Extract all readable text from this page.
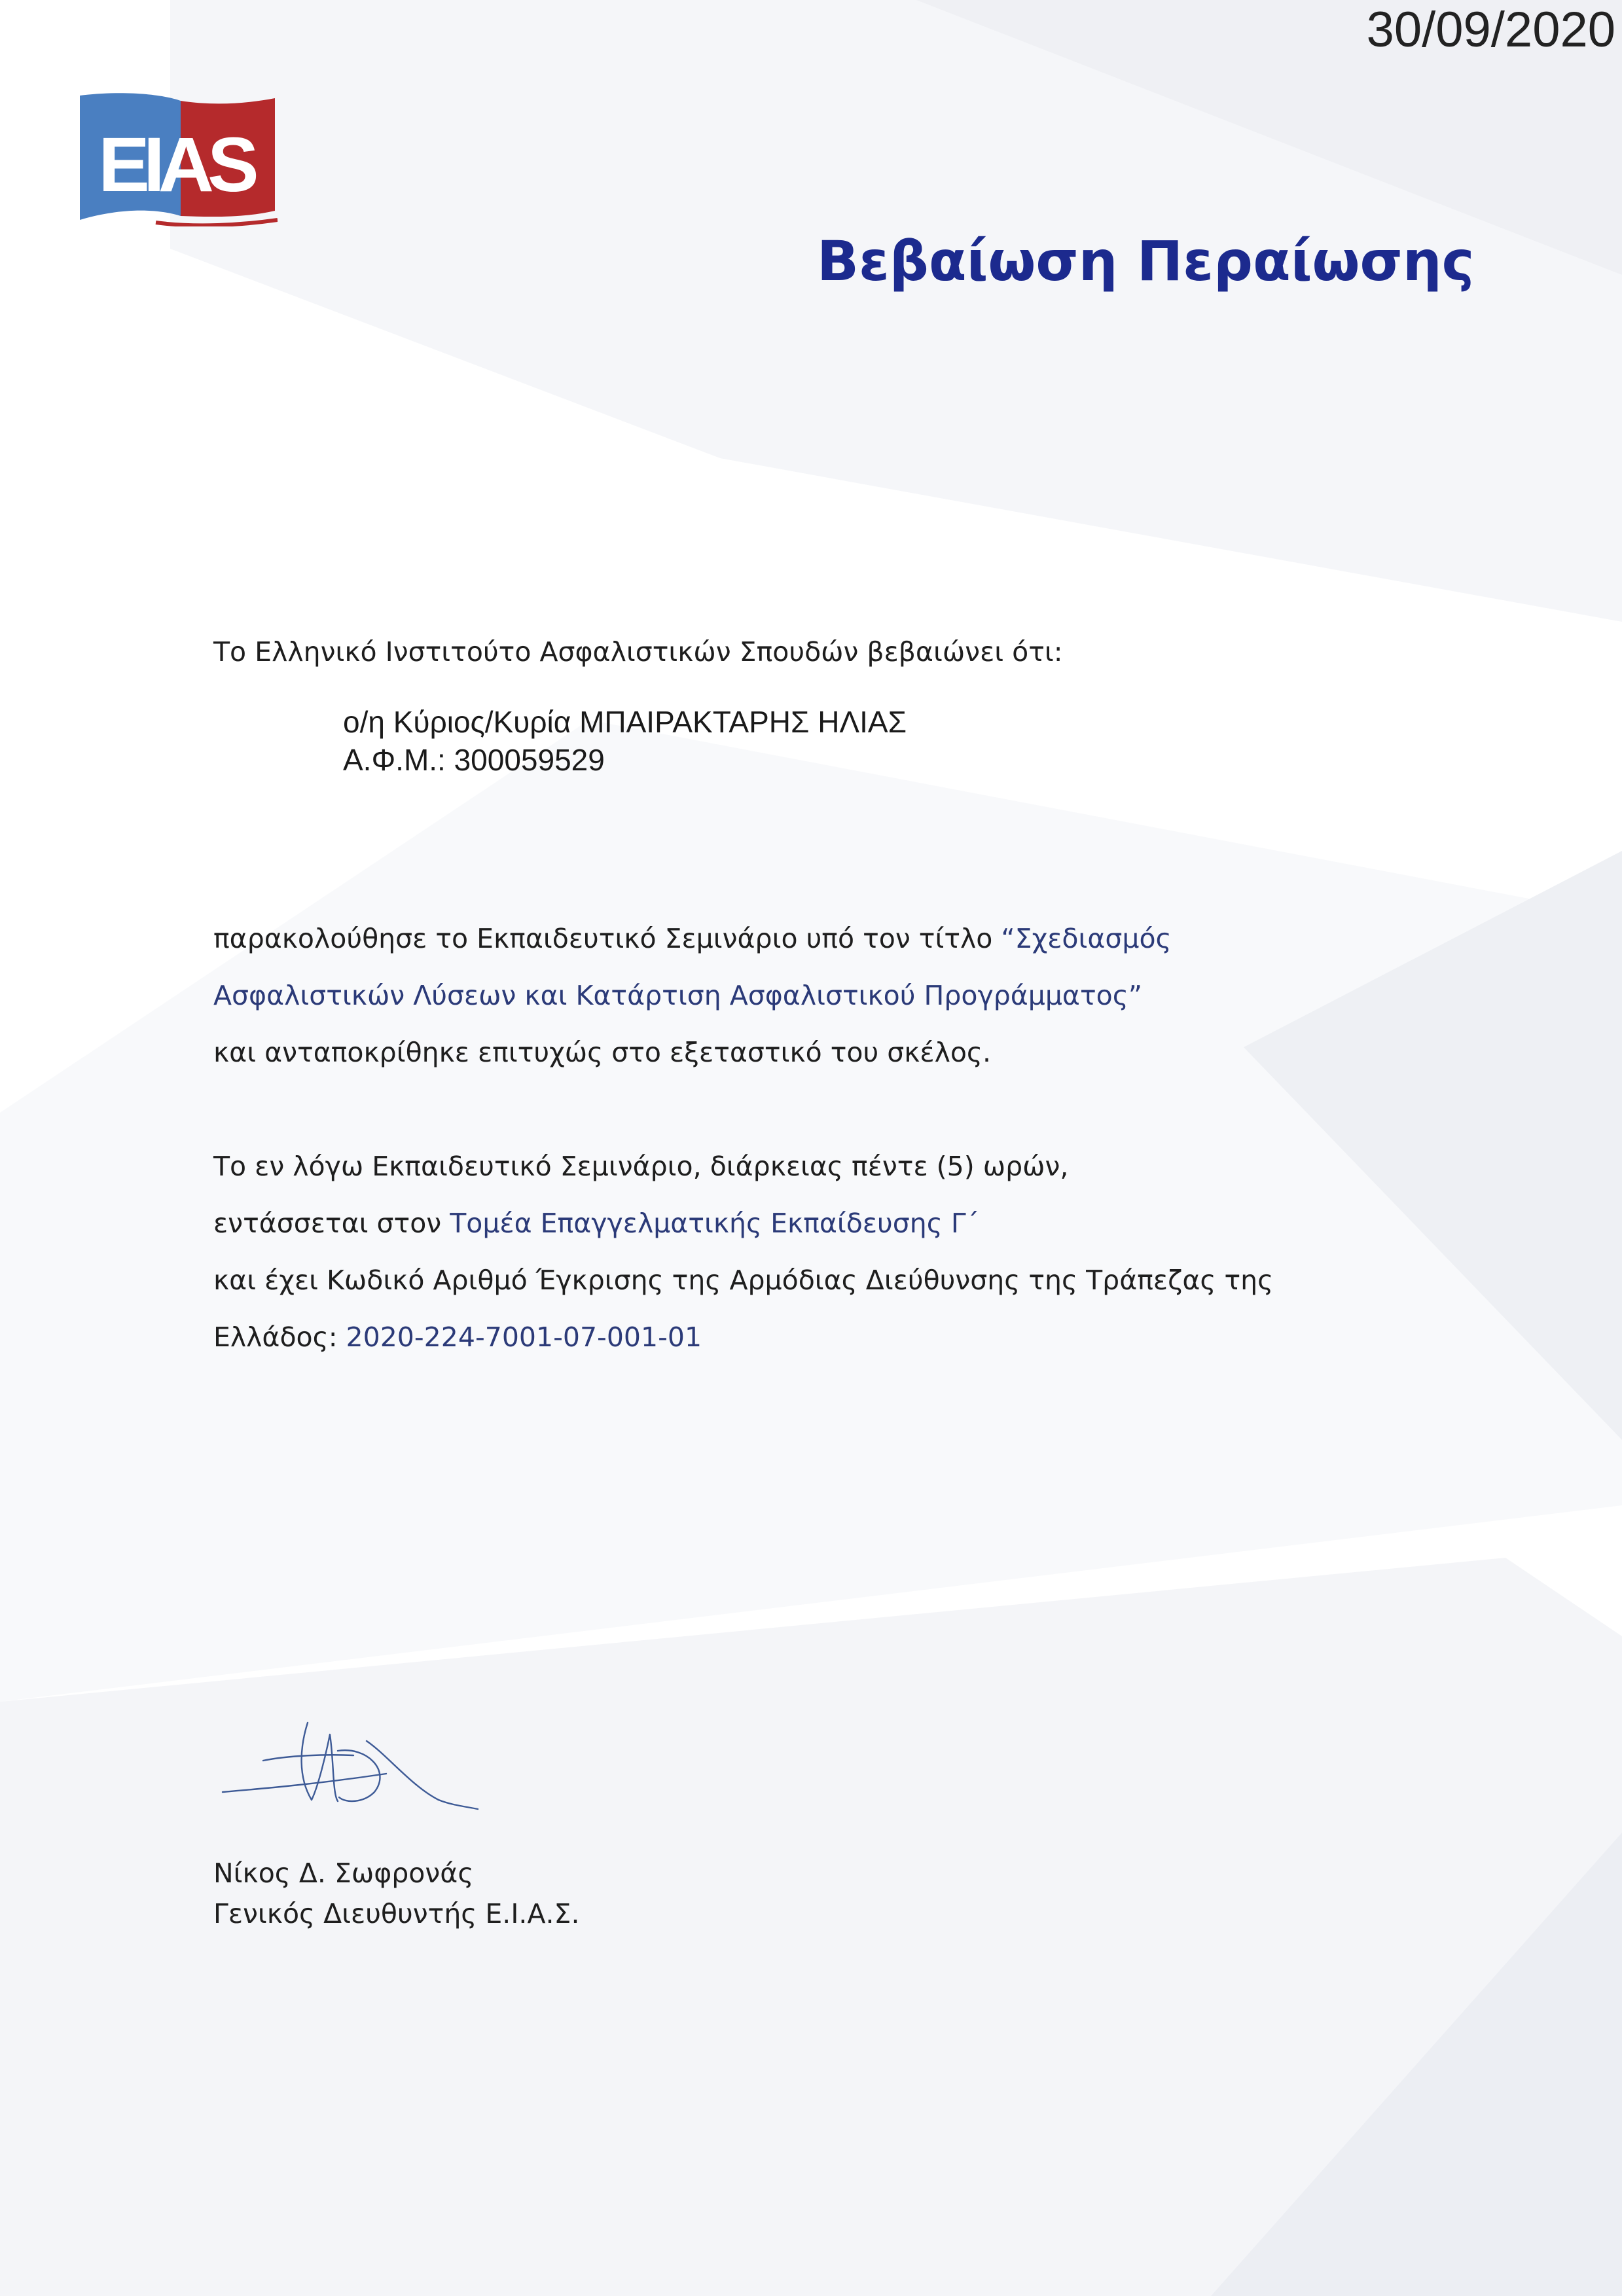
30/09/2020
EIAS
Βεβαίωση Περαίωσης
Το Ελληνικό Ινστιτούτο Ασφαλιστικών Σπουδών βεβαιώνει ότι:
ο/η Κύριος/Κυρία ΜΠΑΙΡΑΚΤΑΡΗΣ ΗΛΙΑΣ
Α.Φ.Μ.: 300059529
παρακολούθησε το Εκπαιδευτικό Σεμινάριο υπό τον τίτλο “Σχεδιασμός
Ασφαλιστικών Λύσεων και Κατάρτιση Ασφαλιστικού Προγράμματος”
και ανταποκρίθηκε επιτυχώς στο εξεταστικό του σκέλος.
Το εν λόγω Εκπαιδευτικό Σεμινάριο, διάρκειας πέντε (5) ωρών,
εντάσσεται στον Τομέα Επαγγελματικής Εκπαίδευσης Γ΄
και έχει Κωδικό Αριθμό Έγκρισης της Αρμόδιας Διεύθυνσης της Τράπεζας της
Ελλάδος: 2020-224-7001-07-001-01
Νίκος Δ. Σωφρονάς
Γενικός Διευθυντής Ε.Ι.Α.Σ.
